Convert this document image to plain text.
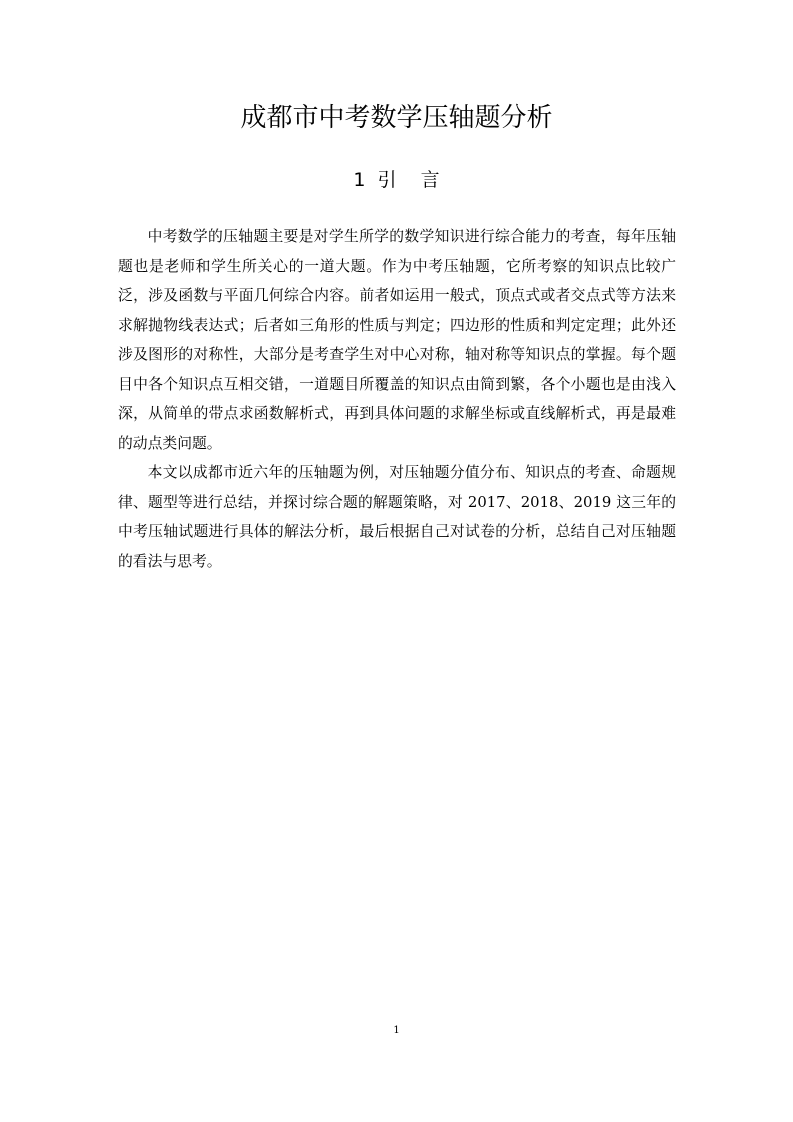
成都市中考数学压轴题分析
1  引    言

中考数学的压轴题主要是对学生所学的数学知识进行综合能力的考查，每年压轴题也是老师和学生所关心的一道大题。作为中考压轴题，它所考察的知识点比较广泛，涉及函数与平面几何综合内容。前者如运用一般式，顶点式或者交点式等方法来求解抛物线表达式；后者如三角形的性质与判定；四边形的性质和判定定理；此外还涉及图形的对称性，大部分是考查学生对中心对称，轴对称等知识点的掌握。每个题目中各个知识点互相交错，一道题目所覆盖的知识点由简到繁，各个小题也是由浅入深，从简单的带点求函数解析式，再到具体问题的求解坐标或直线解析式，再是最难的动点类问题。

本文以成都市近六年的压轴题为例，对压轴题分值分布、知识点的考查、命题规律、题型等进行总结，并探讨综合题的解题策略，对 2017、2018、2019 这三年的中考压轴试题进行具体的解法分析，最后根据自己对试卷的分析，总结自己对压轴题的看法与思考。

1
